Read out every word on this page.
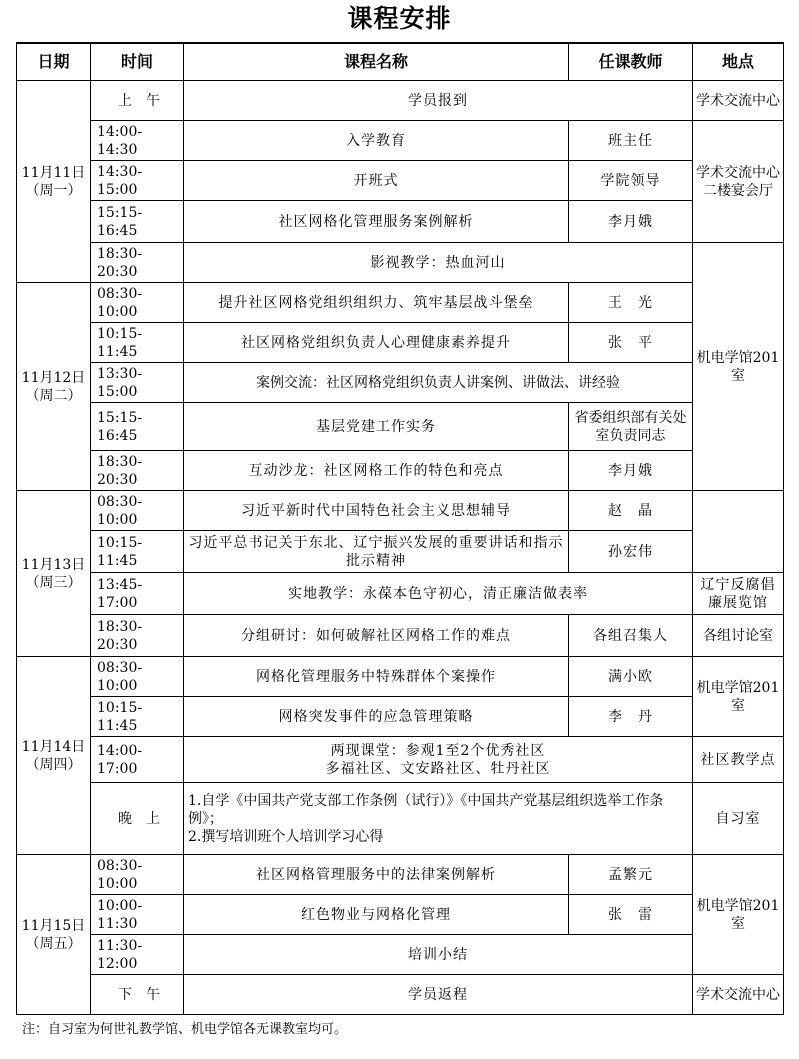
课程安排
日期	时间	课程名称	任课教师	地点

11月11日
（周一）	上　午	学员报到		学术交流中心
	14:00-14:30	入学教育	班主任	学术交流中心二楼宴会厅
	14:30-15:00	开班式	学院领导	
	15:15-16:45	社区网格化管理服务案例解析	李月娥	
	18:30-20:30	影视教学：热血河山		机电学馆201室

11月12日
（周二）	08:30-10:00	提升社区网格党组织组织力、筑牢基层战斗堡垒	王　光	
	10:15-11:45	社区网格党组织负责人心理健康素养提升	张　平	
	13:30-15:00	案例交流：社区网格党组织负责人讲案例、讲做法、讲经验		
	15:15-16:45	基层党建工作实务	省委组织部有关处室负责同志	
	18:30-20:30	互动沙龙：社区网格工作的特色和亮点	李月娥	

11月13日
（周三）	08:30-10:00	习近平新时代中国特色社会主义思想辅导	赵　晶	
	10:15-11:45	习近平总书记关于东北、辽宁振兴发展的重要讲话和指示批示精神	孙宏伟	
	13:45-17:00	实地教学：永葆本色守初心，清正廉洁做表率		辽宁反腐倡廉展览馆
	18:30-20:30	分组研讨：如何破解社区网格工作的难点	各组召集人	各组讨论室

11月14日
（周四）	08:30-10:00	网格化管理服务中特殊群体个案操作	满小欧	机电学馆201室
	10:15-11:45	网格突发事件的应急管理策略	李　丹	
	14:00-17:00	两现课堂：参观1至2个优秀社区
多福社区、文安路社区、牡丹社区		社区教学点
	晚　上	1.自学《中国共产党支部工作条例（试行）》《中国共产党基层组织选举工作条例》；
2.撰写培训班个人培训学习心得		自习室

11月15日
（周五）	08:30-10:00	社区网格管理服务中的法律案例解析	孟繁元	机电学馆201室
	10:00-11:30	红色物业与网格化管理	张　雷	
	11:30-12:00	培训小结		
	下　午	学员返程		学术交流中心
注：自习室为何世礼教学馆、机电学馆各无课教室均可。
